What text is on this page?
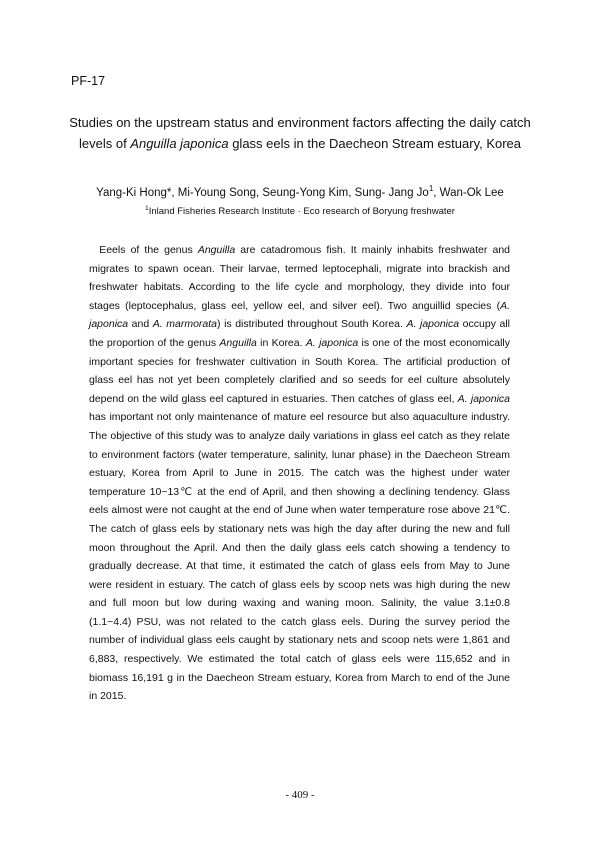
PF-17
Studies on the upstream status and environment factors affecting the daily catch
levels of Anguilla japonica glass eels in the Daecheon Stream estuary, Korea
Yang-Ki Hong*, Mi-Young Song, Seung-Yong Kim, Sung- Jang Jo$^1$, Wan-Ok Lee
$^1$Inland Fisheries Research Institute · Eco research of Boryung freshwater

Eeels of the genus Anguilla are catadromous fish. It mainly inhabits freshwater and migrates to spawn ocean. Their larvae, termed leptocephali, migrate into brackish and freshwater habitats. According to the life cycle and morphology, they divide into four stages (leptocephalus, glass eel, yellow eel, and silver eel). Two anguillid species (A. japonica and A. marmorata) is distributed throughout South Korea. A. japonica occupy all the proportion of the genus Anguilla in Korea. A. japonica is one of the most economically important species for freshwater cultivation in South Korea. The artificial production of glass eel has not yet been completely clarified and so seeds for eel culture absolutely depend on the wild glass eel captured in estuaries. Then catches of glass eel, A. japonica has important not only maintenance of mature eel resource but also aquaculture industry. The objective of this study was to analyze daily variations in glass eel catch as they relate to environment factors (water temperature, salinity, lunar phase) in the Daecheon Stream estuary, Korea from April to June in 2015. The catch was the highest under water temperature 10~13℃ at the end of April, and then showing a declining tendency. Glass eels almost were not caught at the end of June when water temperature rose above 21℃. The catch of glass eels by stationary nets was high the day after during the new and full moon throughout the April. And then the daily glass eels catch showing a tendency to gradually decrease. At that time, it estimated the catch of glass eels from May to June were resident in estuary. The catch of glass eels by scoop nets was high during the new and full moon but low during waxing and waning moon. Salinity, the value 3.1±0.8 (1.1~4.4) PSU, was not related to the catch glass eels. During the survey period the number of individual glass eels caught by stationary nets and scoop nets were 1,861 and 6,883, respectively. We estimated the total catch of glass eels were 115,652 and in biomass 16,191 g in the Daecheon Stream estuary, Korea from March to end of the June in 2015.

- 409 -
